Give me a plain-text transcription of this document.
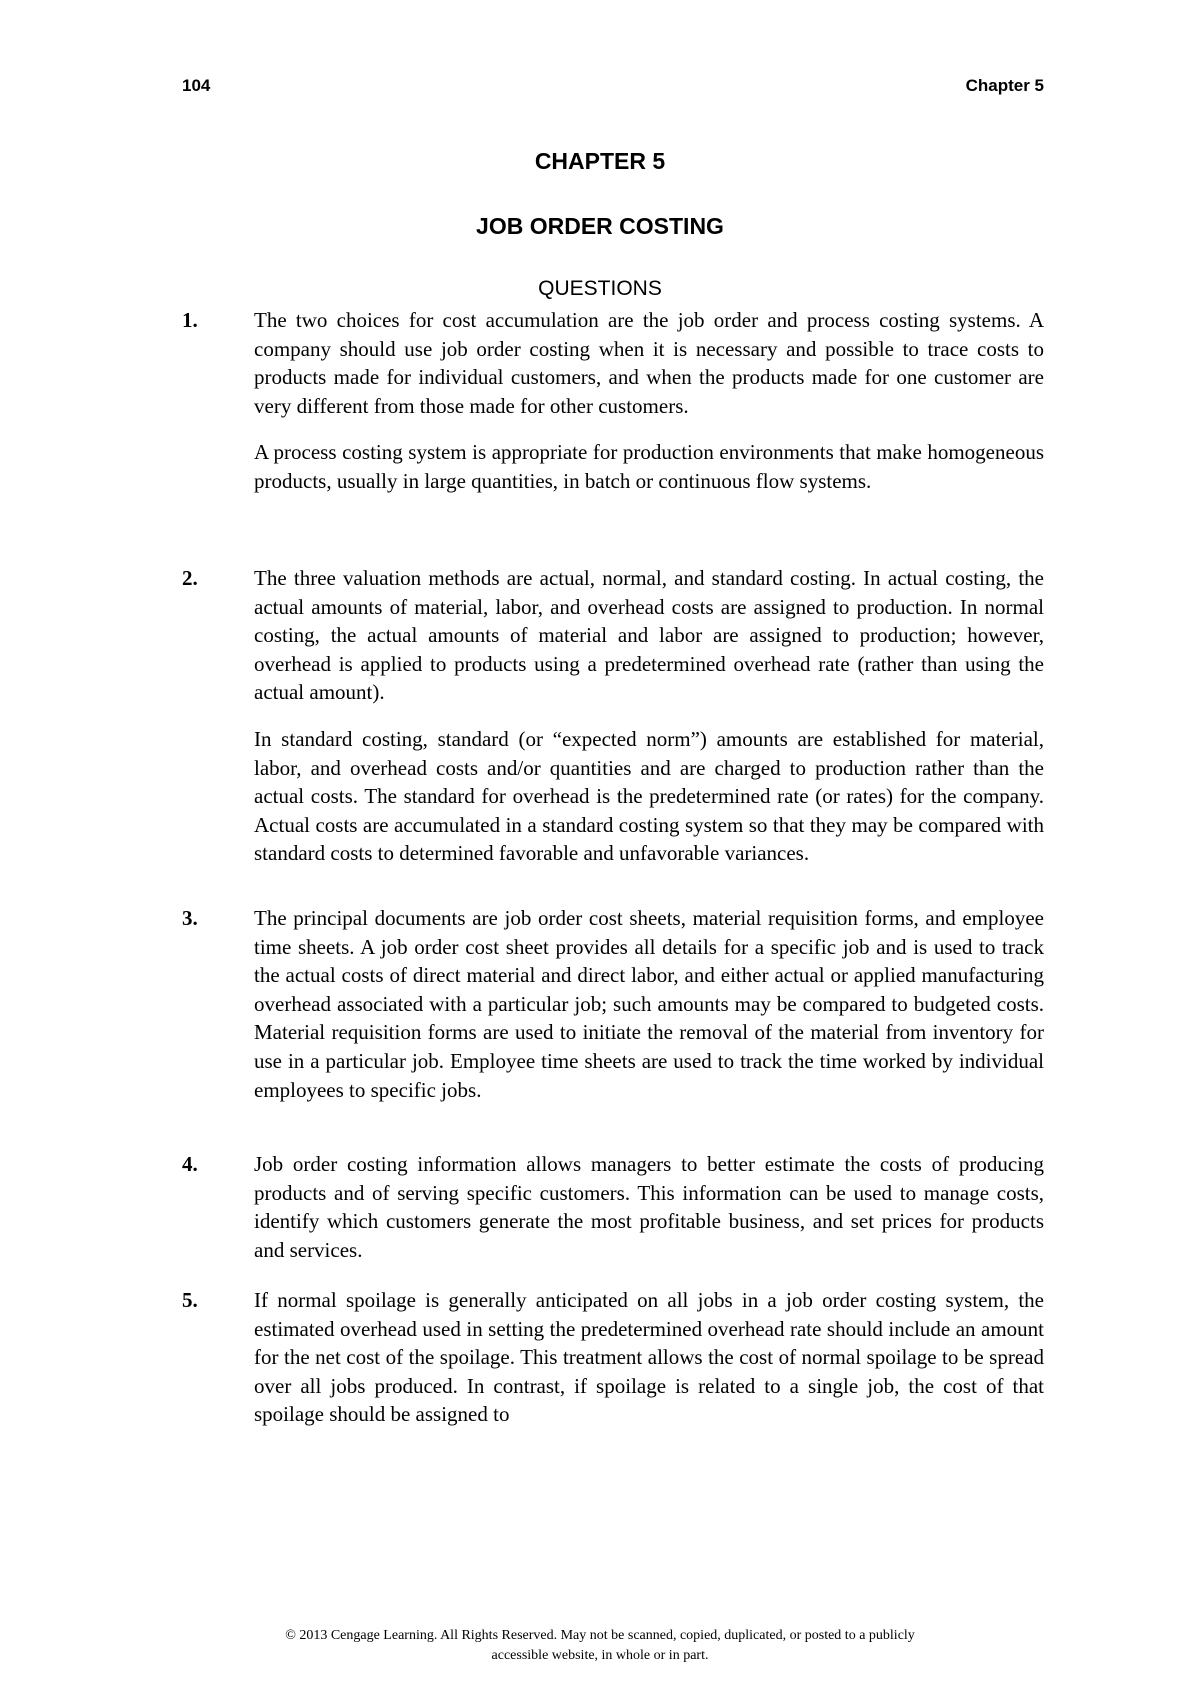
104	Chapter 5
CHAPTER 5
JOB ORDER COSTING
QUESTIONS
1.	The two choices for cost accumulation are the job order and process costing systems. A company should use job order costing when it is necessary and possible to trace costs to products made for individual customers, and when the products made for one customer are very different from those made for other customers.

A process costing system is appropriate for production environments that make homogeneous products, usually in large quantities, in batch or continuous flow systems.

2.	The three valuation methods are actual, normal, and standard costing. In actual costing, the actual amounts of material, labor, and overhead costs are assigned to production. In normal costing, the actual amounts of material and labor are assigned to production; however, overhead is applied to products using a predetermined overhead rate (rather than using the actual amount).

In standard costing, standard (or “expected norm”) amounts are established for material, labor, and overhead costs and/or quantities and are charged to production rather than the actual costs. The standard for overhead is the predetermined rate (or rates) for the company. Actual costs are accumulated in a standard costing system so that they may be compared with standard costs to determined favorable and unfavorable variances.

3.	The principal documents are job order cost sheets, material requisition forms, and employee time sheets. A job order cost sheet provides all details for a specific job and is used to track the actual costs of direct material and direct labor, and either actual or applied manufacturing overhead associated with a particular job; such amounts may be compared to budgeted costs. Material requisition forms are used to initiate the removal of the material from inventory for use in a particular job. Employee time sheets are used to track the time worked by individual employees to specific jobs.

4.	Job order costing information allows managers to better estimate the costs of producing products and of serving specific customers. This information can be used to manage costs, identify which customers generate the most profitable business, and set prices for products and services.

5.	If normal spoilage is generally anticipated on all jobs in a job order costing system, the estimated overhead used in setting the predetermined overhead rate should include an amount for the net cost of the spoilage. This treatment allows the cost of normal spoilage to be spread over all jobs produced. In contrast, if spoilage is related to a single job, the cost of that spoilage should be assigned to

© 2013 Cengage Learning. All Rights Reserved. May not be scanned, copied, duplicated, or posted to a publicly
accessible website, in whole or in part.
